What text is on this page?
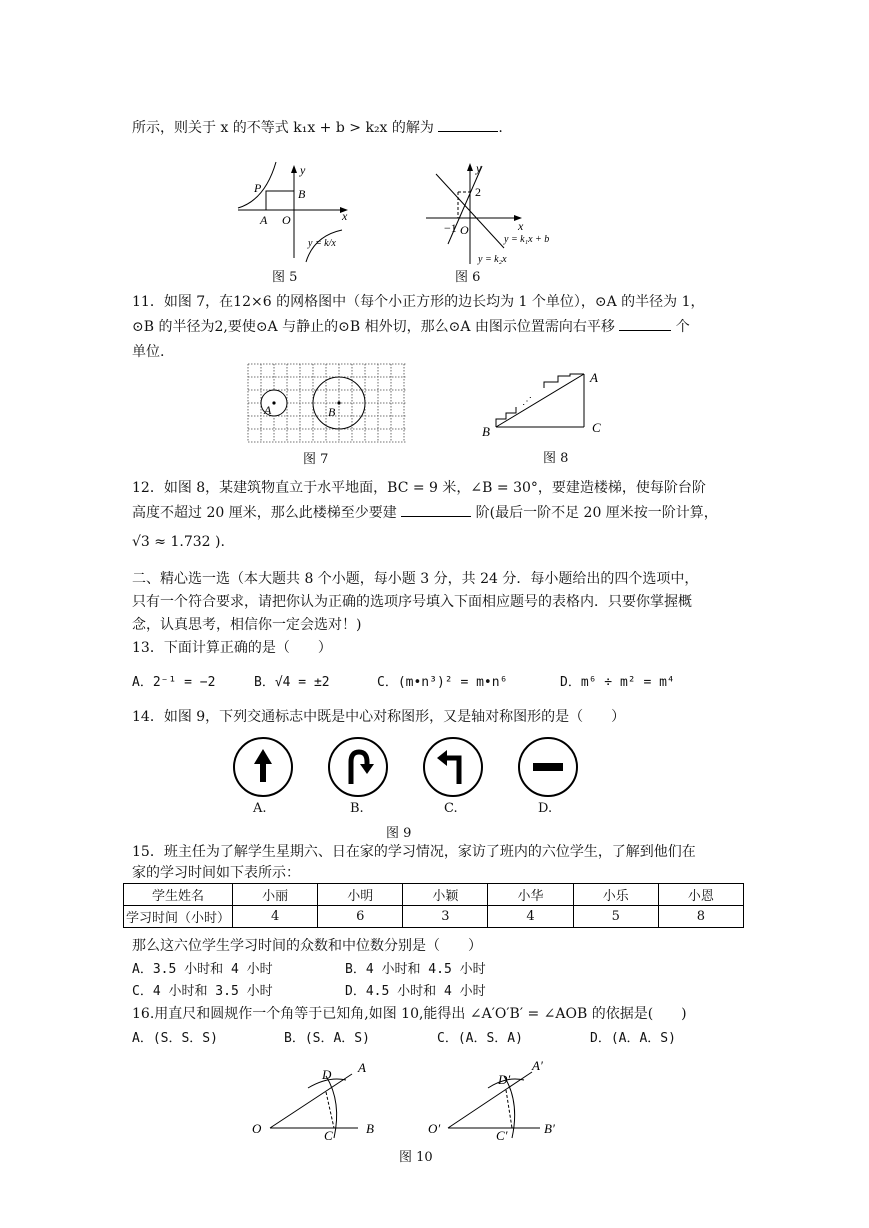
所示，则关于 x 的不等式 k₁x + b > k₂x 的解为	.
y
x
P	B
A O
y = k/x
图 5
y
x
2
−1 O
y = k₁x + b
y = k₂x
图 6
11．如图 7，在12×6 的网格图中（每个小正方形的边长均为 1 个单位），⊙A 的半径为 1，
⊙B 的半径为2,要使⊙A 与静止的⊙B 相外切，那么⊙A 由图示位置需向右平移	个
单位.
A	B
图 7
⋰
A
B	C
图 8
12．如图 8，某建筑物直立于水平地面，BC = 9 米，∠B = 30°，要建造楼梯，使每阶台阶
高度不超过 20 厘米，那么此楼梯至少要建	阶(最后一阶不足 20 厘米按一阶计算，
√3 ≈ 1.732 ).
二、精心选一选（本大题共 8 个小题，每小题 3 分，共 24 分．每小题给出的四个选项中，
只有一个符合要求，请把你认为正确的选项序号填入下面相应题号的表格内．只要你掌握概
念，认真思考，相信你一定会选对！)
13．下面计算正确的是（　　）
A．2⁻¹ = −2	B．√4 = ±2	C．(m•n³)² = m•n⁶	D．m⁶ ÷ m² = m⁴
14．如图 9，下列交通标志中既是中心对称图形，又是轴对称图形的是（　　）
A.	B.	C.	D.
图 9
15．班主任为了解学生星期六、日在家的学习情况，家访了班内的六位学生，了解到他们在
家的学习时间如下表所示：
学生姓名	小丽	小明	小颖	小华	小乐	小恩
学习时间（小时）	4	6	3	4	5	8
那么这六位学生学习时间的众数和中位数分别是（　　）
A．3.5 小时和 4 小时	B．4 小时和 4.5 小时
C．4 小时和 3.5 小时	D．4.5 小时和 4 小时
16.用直尺和圆规作一个角等于已知角,如图 10,能得出 ∠A′O′B′ = ∠AOB 的依据是(　　)
A．(S．S．S)	B．(S．A．S)	C．(A．S．A)	D．(A．A．S)
D A
O	C	B
D′
A′
O′	C′	B′
图 10
